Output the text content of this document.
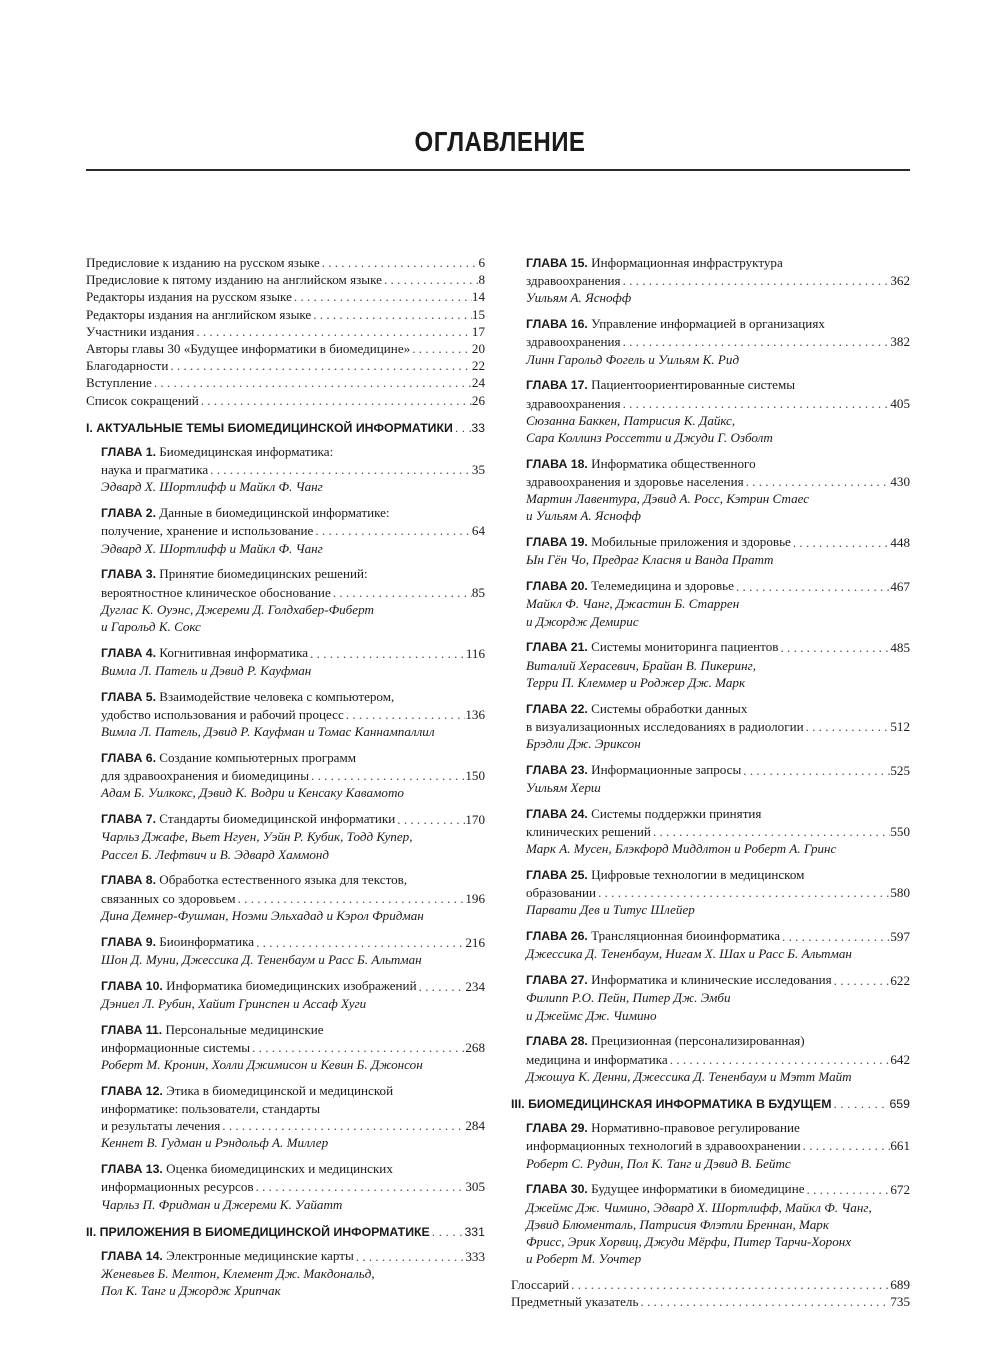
ОГЛАВЛЕНИЕ
Предисловие к изданию на русском языке . . .	6
Предисловие к пятому изданию на английском языке . . .	8
Редакторы издания на русском языке . . .	14
Редакторы издания на английском языке . . .	15
Участники издания . . .	17
Авторы главы 30 «Будущее информатики в биомедицине» . . .	20
Благодарности . . .	22
Вступление . . .	24
Список сокращений . . .	26
I. АКТУАЛЬНЫЕ ТЕМЫ БИОМЕДИЦИНСКОЙ ИНФОРМАТИКИ . . . 33
ГЛАВА 1. Биомедицинская информатика:
наука и прагматика . . .	35
Эдвард Х. Шортлифф и Майкл Ф. Чанг
ГЛАВА 2. Данные в биомедицинской информатике:
получение, хранение и использование . . .	64
Эдвард Х. Шортлифф и Майкл Ф. Чанг
ГЛАВА 3. Принятие биомедицинских решений:
вероятностное клиническое обоснование . . .	85
Дуглас К. Оуэнс, Джереми Д. Голдхабер-Фиберт
и Гарольд К. Сокс
ГЛАВА 4. Когнитивная информатика . . .	116
Вимла Л. Патель и Дэвид Р. Кауфман
ГЛАВА 5. Взаимодействие человека с компьютером,
удобство использования и рабочий процесс . . .	136
Вимла Л. Патель, Дэвид Р. Кауфман и Томас Каннампаллил
ГЛАВА 6. Создание компьютерных программ
для здравоохранения и биомедицины . . .	150
Адам Б. Уилкокс, Дэвид К. Водри и Кенсаку Кавамото
ГЛАВА 7. Стандарты биомедицинской информатики . . .	170
Чарльз Джафе, Вьет Нгуен, Уэйн Р. Кубик, Тодд Купер,
Рассел Б. Лефтвич и В. Эдвард Хаммонд
ГЛАВА 8. Обработка естественного языка для текстов,
связанных со здоровьем . . .	196
Дина Демнер-Фушман, Ноэми Эльхадад и Кэрол Фридман
ГЛАВА 9. Биоинформатика . . .	216
Шон Д. Муни, Джессика Д. Тененбаум и Расс Б. Альтман
ГЛАВА 10. Информатика биомедицинских изображений . . .	234
Дэниел Л. Рубин, Хайит Гринспен и Ассаф Хуги
ГЛАВА 11. Персональные медицинские
информационные системы . . .	268
Роберт М. Кронин, Холли Джимисон и Кевин Б. Джонсон
ГЛАВА 12. Этика в биомедицинской и медицинской
информатике: пользователи, стандарты
и результаты лечения . . .	284
Кеннет В. Гудман и Рэндольф А. Миллер
ГЛАВА 13. Оценка биомедицинских и медицинских
информационных ресурсов . . .	305
Чарльз П. Фридман и Джереми К. Уайатт
II. ПРИЛОЖЕНИЯ В БИОМЕДИЦИНСКОЙ ИНФОРМАТИКЕ . . .	331
ГЛАВА 14. Электронные медицинские карты . . .	333
Женевьев Б. Мелтон, Клемент Дж. Макдональд,
Пол К. Танг и Джордж Хрипчак
ГЛАВА 15. Информационная инфраструктура
здравоохранения . . .	362
Уильям А. Яснофф
ГЛАВА 16. Управление информацией в организациях
здравоохранения . . .	382
Линн Гарольд Фогель и Уильям К. Рид
ГЛАВА 17. Пациентоориентированные системы
здравоохранения . . .	405
Сюзанна Баккен, Патрисия К. Дайкс,
Сара Коллинз Россетти и Джуди Г. Озболт
ГЛАВА 18. Информатика общественного
здравоохранения и здоровье населения . . .	430
Мартин Лавентура, Дэвид А. Росс, Кэтрин Стаес
и Уильям А. Яснофф
ГЛАВА 19. Мобильные приложения и здоровье . . .	448
Ын Гён Чо, Предраг Класня и Ванда Пратт
ГЛАВА 20. Телемедицина и здоровье . . .	467
Майкл Ф. Чанг, Джастин Б. Старрен
и Джордж Демирис
ГЛАВА 21. Системы мониторинга пациентов . . .	485
Виталий Херасевич, Брайан В. Пикеринг,
Терри П. Клеммер и Роджер Дж. Марк
ГЛАВА 22. Системы обработки данных
в визуализационных исследованиях в радиологии . . .	512
Брэдли Дж. Эриксон
ГЛАВА 23. Информационные запросы . . .	525
Уильям Херш
ГЛАВА 24. Системы поддержки принятия
клинических решений . . .	550
Марк А. Мусен, Блэкфорд Миддлтон и Роберт А. Гринс
ГЛАВА 25. Цифровые технологии в медицинском
образовании . . .	580
Парвати Дев и Титус Шлейер
ГЛАВА 26. Трансляционная биоинформатика . . .	597
Джессика Д. Тененбаум, Нигам Х. Шах и Расс Б. Альтман
ГЛАВА 27. Информатика и клинические исследования . . .	622
Филипп Р.О. Пейн, Питер Дж. Эмби
и Джеймс Дж. Чимино
ГЛАВА 28. Прецизионная (персонализированная)
медицина и информатика . . .	642
Джошуа К. Денни, Джессика Д. Тененбаум и Мэтт Майт
III. БИОМЕДИЦИНСКАЯ ИНФОРМАТИКА В БУДУЩЕМ . . .	659
ГЛАВА 29. Нормативно-правовое регулирование
информационных технологий в здравоохранении . . .	661
Роберт С. Рудин, Пол К. Танг и Дэвид В. Бейтс
ГЛАВА 30. Будущее информатики в биомедицине . . .	672
Джеймс Дж. Чимино, Эдвард Х. Шортлифф, Майкл Ф. Чанг,
Дэвид Блюменталь, Патрисия Флэтли Бреннан, Марк
Фрисс, Эрик Хорвиц, Джуди Мёрфи, Питер Тарчи-Хоронх
и Роберт М. Уочтер
Глоссарий . . .	689
Предметный указатель . . .	735
